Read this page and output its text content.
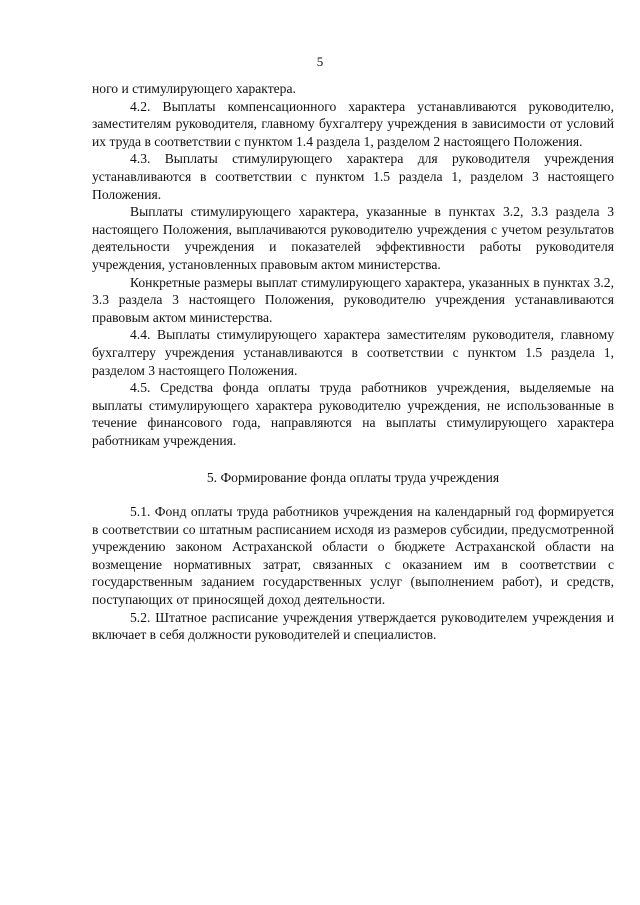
5

ного и стимулирующего характера.

4.2. Выплаты компенсационного характера устанавливаются руководителю, заместителям руководителя, главному бухгалтеру учреждения в зависимости от условий их труда в соответствии с пунктом 1.4 раздела 1, разделом 2 настоящего Положения.

4.3. Выплаты стимулирующего характера для руководителя учреждения устанавливаются в соответствии с пунктом 1.5 раздела 1, разделом 3 настоящего Положения.

Выплаты стимулирующего характера, указанные в пунктах 3.2, 3.3 раздела 3 настоящего Положения, выплачиваются руководителю учреждения с учетом результатов деятельности учреждения и показателей эффективности работы руководителя учреждения, установленных правовым актом министерства.

Конкретные размеры выплат стимулирующего характера, указанных в пунктах 3.2, 3.3 раздела 3 настоящего Положения, руководителю учреждения устанавливаются правовым актом министерства.

4.4. Выплаты стимулирующего характера заместителям руководителя, главному бухгалтеру учреждения устанавливаются в соответствии с пунктом 1.5 раздела 1, разделом 3 настоящего Положения.

4.5. Средства фонда оплаты труда работников учреждения, выделяемые на выплаты стимулирующего характера руководителю учреждения, не использованные в течение финансового года, направляются на выплаты стимулирующего характера работникам учреждения.

5. Формирование фонда оплаты труда учреждения

5.1. Фонд оплаты труда работников учреждения на календарный год формируется в соответствии со штатным расписанием исходя из размеров субсидии, предусмотренной учреждению законом Астраханской области о бюджете Астраханской области на возмещение нормативных затрат, связанных с оказанием им в соответствии с государственным заданием государственных услуг (выполнением работ), и средств, поступающих от приносящей доход деятельности.

5.2. Штатное расписание учреждения утверждается руководителем учреждения и включает в себя должности руководителей и специалистов.
